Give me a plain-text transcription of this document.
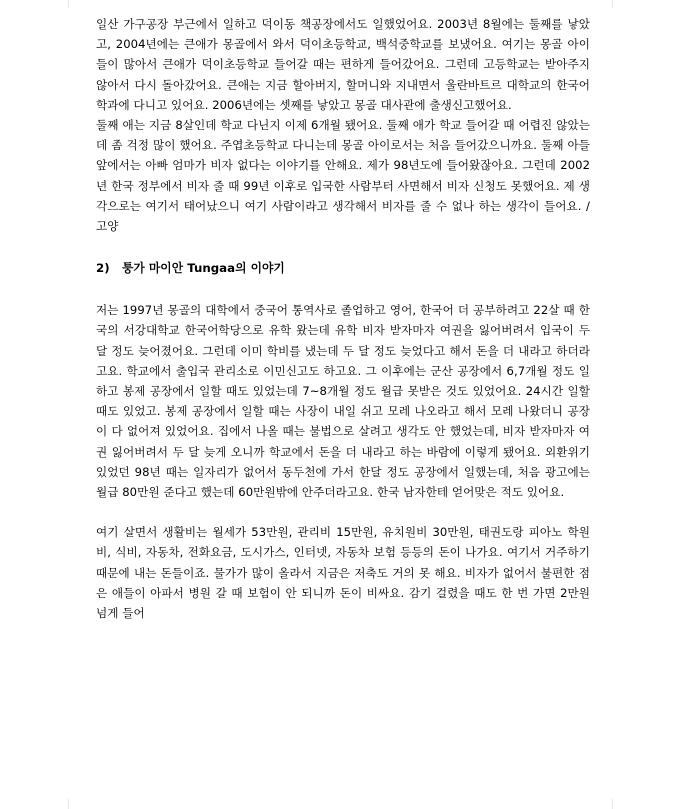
일산 가구공장 부근에서 일하고 덕이동 책공장에서도 일했었어요. 2003년 8월에는 둘째를 낳았고, 2004년에는 큰애가 몽골에서 와서 덕이초등학교, 백석중학교를 보냈어요. 여기는 몽골 아이들이 많아서 큰애가 덕이초등학교 들어갈 때는 편하게 들어갔어요. 그런데 고등학교는 받아주지 않아서 다시 돌아갔어요. 큰애는 지금 할아버지, 할머니와 지내면서 울란바트르 대학교의 한국어학과에 다니고 있어요. 2006년에는 셋째를 낳았고 몽골 대사관에 출생신고했어요.

둘째 애는 지금 8살인데 학교 다닌지 이제 6개월 됐어요. 둘째 애가 학교 들어갈 때 어렵진 않았는데 좀 걱정 많이 했어요. 주엽초등학교 다니는데 몽골 아이로서는 처음 들어갔으니까요. 둘째 아들 앞에서는 아빠 엄마가 비자 없다는 이야기를 안해요. 제가 98년도에 들어왔잖아요. 그런데 2002년 한국 정부에서 비자 줄 때 99년 이후로 입국한 사람부터 사면해서 비자 신청도 못했어요. 제 생각으로는 여기서 태어났으니 여기 사람이라고 생각해서 비자를 줄 수 없나 하는 생각이 들어요. / 고양

2)	퉁가 마이안 Tungaa의 이야기

저는 1997년 몽골의 대학에서 중국어 통역사로 졸업하고 영어, 한국어 더 공부하려고 22살 때 한국의 서강대학교 한국어학당으로 유학 왔는데 유학 비자 받자마자 여권을 잃어버려서 입국이 두 달 정도 늦어졌어요. 그런데 이미 학비를 냈는데 두 달 정도 늦었다고 해서 돈을 더 내라고 하더라고요. 학교에서 출입국 관리소로 이민신고도 하고요. 그 이후에는 군산 공장에서 6,7개월 정도 일하고 봉제 공장에서 일할 때도 있었는데 7~8개월 정도 월급 못받은 것도 있었어요. 24시간 일할 때도 있었고. 봉제 공장에서 일할 때는 사장이 내일 쉬고 모레 나오라고 해서 모레 나왔더니 공장이 다 없어져 있었어요. 집에서 나올 때는 불법으로 살려고 생각도 안 했었는데, 비자 받자마자 여권 잃어버려서 두 달 늦게 오니까 학교에서 돈을 더 내라고 하는 바람에 이렇게 됐어요. 외환위기 있었던 98년 때는 일자리가 없어서 동두천에 가서 한달 정도 공장에서 일했는데, 처음 광고에는 월급 80만원 준다고 했는데 60만원밖에 안주더라고요. 한국 남자한테 얻어맞은 적도 있어요.

여기 살면서 생활비는 월세가 53만원, 관리비 15만원, 유치원비 30만원, 태권도랑 피아노 학원비, 식비, 자동차, 전화요금, 도시가스, 인터넷, 자동차 보험 등등의 돈이 나가요. 여기서 거주하기 때문에 내는 돈들이죠. 물가가 많이 올라서 지금은 저축도 거의 못 해요. 비자가 없어서 불편한 점은 애들이 아파서 병원 갈 때 보험이 안 되니까 돈이 비싸요. 감기 걸렸을 때도 한 번 가면 2만원 넘게 들어
